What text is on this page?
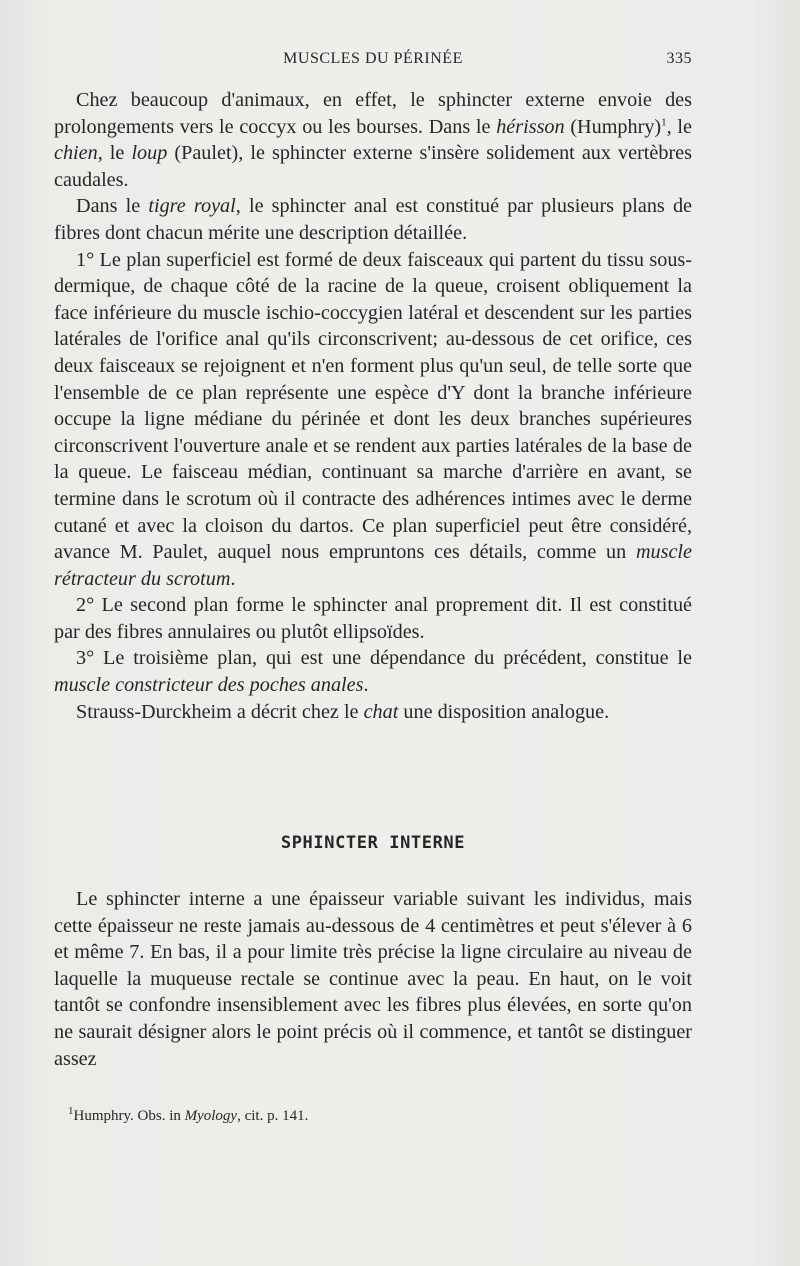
MUSCLES DU PÉRINÉE	335

Chez beaucoup d'animaux, en effet, le sphincter externe envoie des prolongements vers le coccyx ou les bourses. Dans le hérisson (Humphry)$^1$, le chien, le loup (Paulet), le sphincter externe s'insère solidement aux vertèbres caudales.

Dans le tigre royal, le sphincter anal est constitué par plusieurs plans de fibres dont chacun mérite une description détaillée.

1° Le plan superficiel est formé de deux faisceaux qui partent du tissu sous-dermique, de chaque côté de la racine de la queue, croisent obliquement la face inférieure du muscle ischio-coccygien latéral et descendent sur les parties latérales de l'orifice anal qu'ils circonscrivent; au-dessous de cet orifice, ces deux faisceaux se rejoignent et n'en forment plus qu'un seul, de telle sorte que l'ensemble de ce plan représente une espèce d'Y dont la branche inférieure occupe la ligne médiane du périnée et dont les deux branches supérieures circonscrivent l'ouverture anale et se rendent aux parties latérales de la base de la queue. Le faisceau médian, continuant sa marche d'arrière en avant, se termine dans le scrotum où il contracte des adhérences intimes avec le derme cutané et avec la cloison du dartos. Ce plan superficiel peut être considéré, avance M. Paulet, auquel nous empruntons ces détails, comme un muscle rétracteur du scrotum.

2° Le second plan forme le sphincter anal proprement dit. Il est constitué par des fibres annulaires ou plutôt ellipsoïdes.

3° Le troisième plan, qui est une dépendance du précédent, constitue le muscle constricteur des poches anales.

Strauss-Durckheim a décrit chez le chat une disposition analogue.

SPHINCTER INTERNE

Le sphincter interne a une épaisseur variable suivant les individus, mais cette épaisseur ne reste jamais au-dessous de 4 centimètres et peut s'élever à 6 et même 7. En bas, il a pour limite très précise la ligne circulaire au niveau de laquelle la muqueuse rectale se continue avec la peau. En haut, on le voit tantôt se confondre insensiblement avec les fibres plus élevées, en sorte qu'on ne saurait désigner alors le point précis où il commence, et tantôt se distinguer assez

$^1$Humphry. Obs. in Myology, cit. p. 141.
